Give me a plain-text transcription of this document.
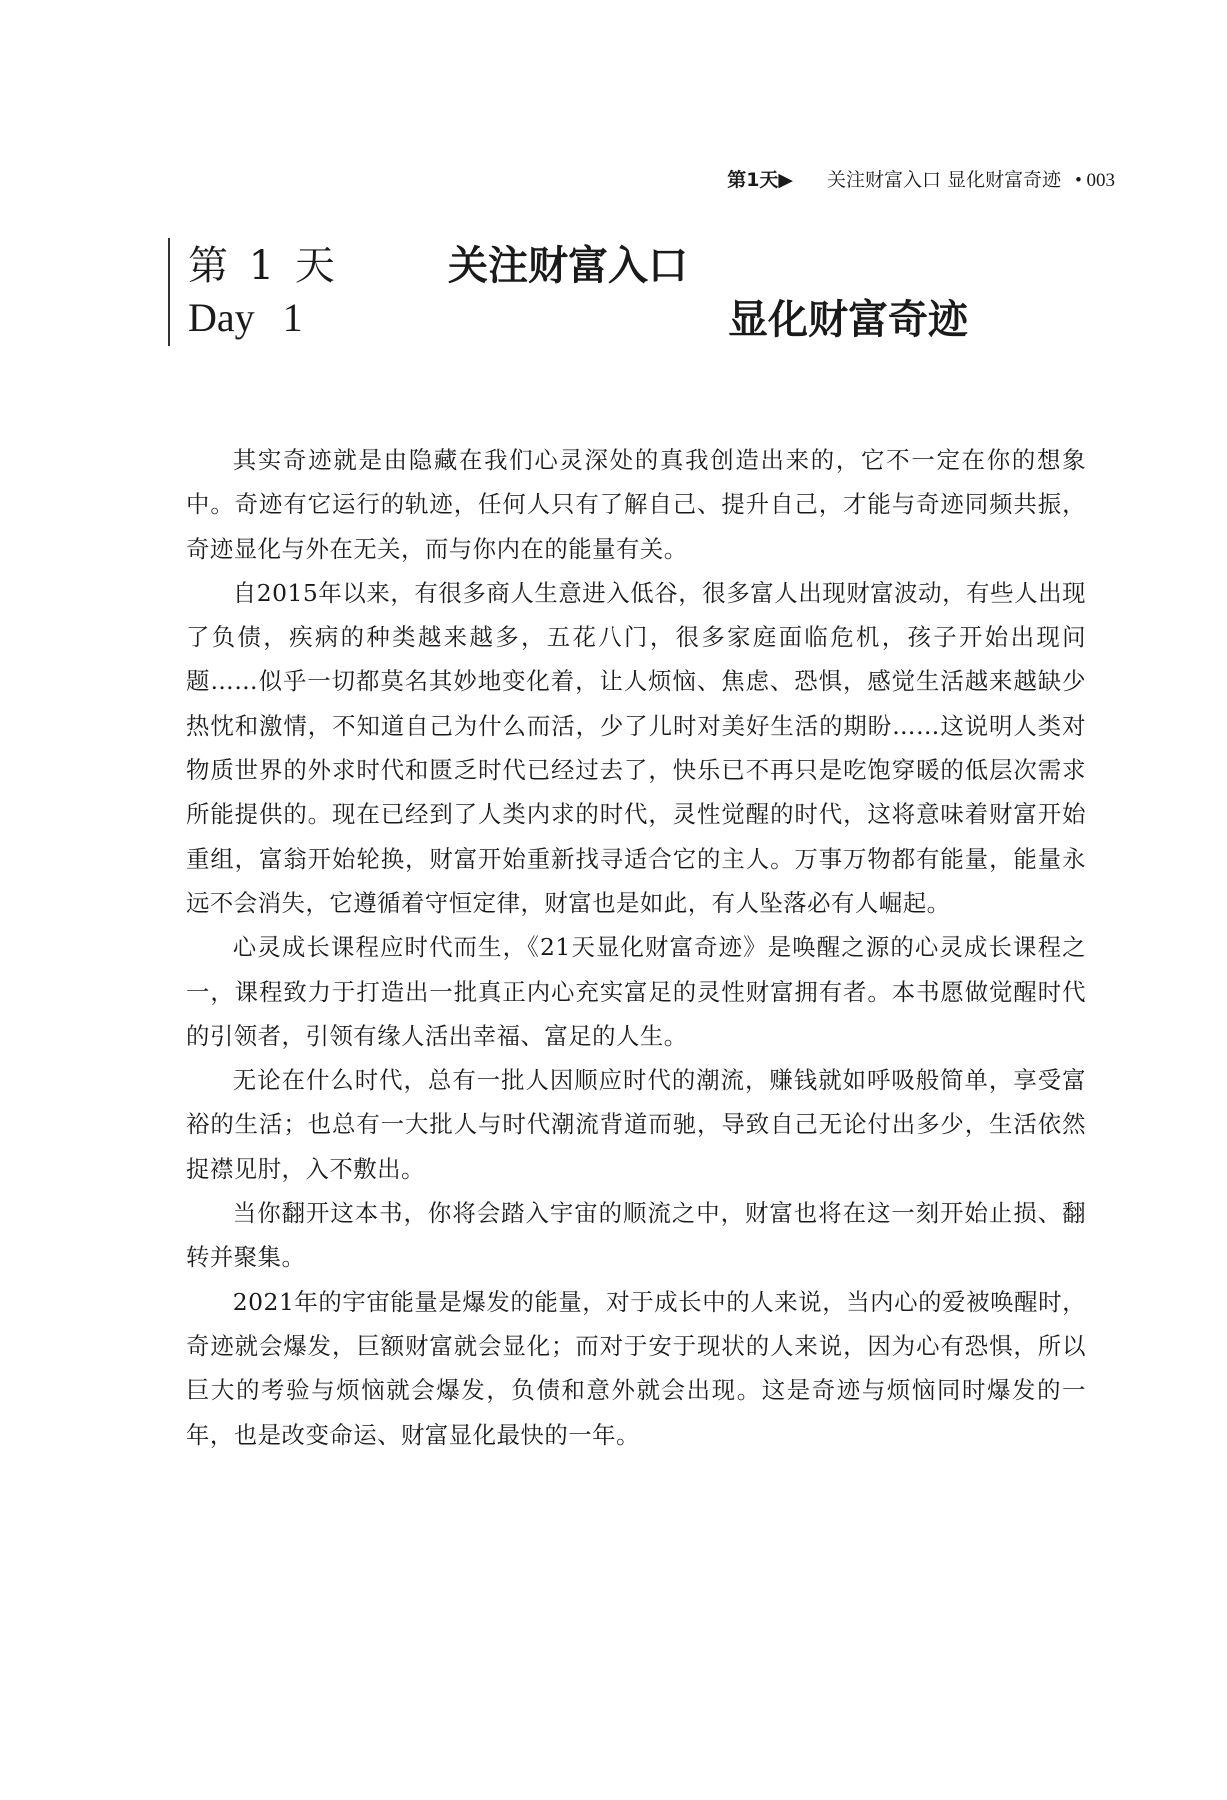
第1天▶ 关注财富入口 显化财富奇迹 • 003
第 1 天
Day 1
关注财富入口
显化财富奇迹

其实奇迹就是由隐藏在我们心灵深处的真我创造出来的，它不一定在你的想象中。奇迹有它运行的轨迹，任何人只有了解自己、提升自己，才能与奇迹同频共振，奇迹显化与外在无关，而与你内在的能量有关。

自2015年以来，有很多商人生意进入低谷，很多富人出现财富波动，有些人出现了负债，疾病的种类越来越多，五花八门，很多家庭面临危机，孩子开始出现问题……似乎一切都莫名其妙地变化着，让人烦恼、焦虑、恐惧，感觉生活越来越缺少热忱和激情，不知道自己为什么而活，少了儿时对美好生活的期盼……这说明人类对物质世界的外求时代和匮乏时代已经过去了，快乐已不再只是吃饱穿暖的低层次需求所能提供的。现在已经到了人类内求的时代，灵性觉醒的时代，这将意味着财富开始重组，富翁开始轮换，财富开始重新找寻适合它的主人。万事万物都有能量，能量永远不会消失，它遵循着守恒定律，财富也是如此，有人坠落必有人崛起。

心灵成长课程应时代而生，《21天显化财富奇迹》是唤醒之源的心灵成长课程之一，课程致力于打造出一批真正内心充实富足的灵性财富拥有者。本书愿做觉醒时代的引领者，引领有缘人活出幸福、富足的人生。

无论在什么时代，总有一批人因顺应时代的潮流，赚钱就如呼吸般简单，享受富裕的生活；也总有一大批人与时代潮流背道而驰，导致自己无论付出多少，生活依然捉襟见肘，入不敷出。

当你翻开这本书，你将会踏入宇宙的顺流之中，财富也将在这一刻开始止损、翻转并聚集。

2021年的宇宙能量是爆发的能量，对于成长中的人来说，当内心的爱被唤醒时，奇迹就会爆发，巨额财富就会显化；而对于安于现状的人来说，因为心有恐惧，所以巨大的考验与烦恼就会爆发，负债和意外就会出现。这是奇迹与烦恼同时爆发的一年，也是改变命运、财富显化最快的一年。
